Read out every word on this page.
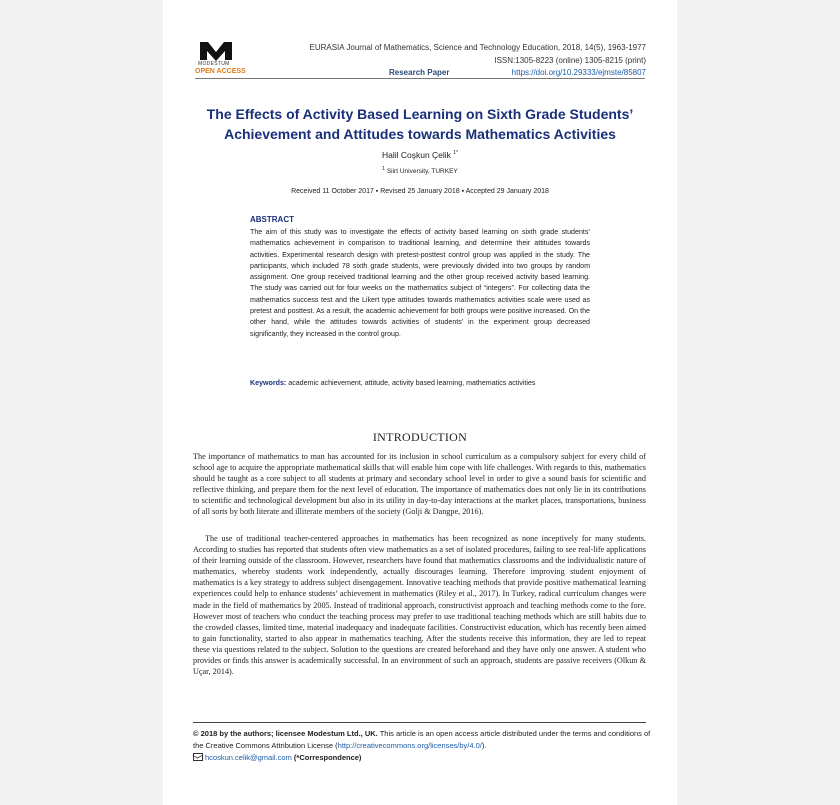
MODESTUM
OPEN ACCESS
EURASIA Journal of Mathematics, Science and Technology Education, 2018, 14(5), 1963-1977
ISSN:1305-8223 (online) 1305-8215 (print)
Research Paper	https://doi.org/10.29333/ejmste/85807
The Effects of Activity Based Learning on Sixth Grade Students’
Achievement and Attitudes towards Mathematics Activities
Halil Coşkun Çelik $^{1*}$
$^1$ Siirt University, TURKEY
Received 11 October 2017 ▪ Revised 25 January 2018 ▪ Accepted 29 January 2018
ABSTRACT
The aim of this study was to investigate the effects of activity based learning on sixth grade students’ mathematics achievement in comparison to traditional learning, and determine their attitudes towards activities. Experimental research design with pretest-posttest control group was applied in the study. The participants, which included 78 sixth grade students, were previously divided into two groups by random assignment. One group received traditional learning and the other group received activity based learning. The study was carried out for four weeks on the mathematics subject of “integers”. For collecting data the mathematics success test and the Likert type attitudes towards mathematics activities scale were used as pretest and posttest. As a result, the academic achievement for both groups were positive increased. On the other hand, while the attitudes towards activities of students’ in the experiment group decreased significantly, they increased in the control group.
Keywords: academic achievement, attitude, activity based learning, mathematics activities
INTRODUCTION
The importance of mathematics to man has accounted for its inclusion in school curriculum as a compulsory subject for every child of school age to acquire the appropriate mathematical skills that will enable him cope with life challenges. With regards to this, mathematics should be taught as a core subject to all students at primary and secondary school level in order to give a sound basis for scientific and reflective thinking, and prepare them for the next level of education. The importance of mathematics does not only lie in its contributions to scientific and technological development but also in its utility in day-to-day interactions at the market places, transportations, business of all sorts by both literate and illiterate members of the society (Golji & Dangpe, 2016).
The use of traditional teacher-centered approaches in mathematics has been recognized as none inceptively for many students. According to studies has reported that students often view mathematics as a set of isolated procedures, failing to see real-life applications of their learning outside of the classroom. However, researchers have found that mathematics classrooms and the individualistic nature of mathematics, whereby students work independently, actually discourages learning. Therefore improving student enjoyment of mathematics is a key strategy to address subject disengagement. Innovative teaching methods that provide positive mathematical learning experiences could help to enhance students’ achievement in mathematics (Riley et al., 2017). In Turkey, radical curriculum changes were made in the field of mathematics by 2005. Instead of traditional approach, constructivist approach and teaching methods come to the fore. However most of teachers who conduct the teaching process may prefer to use traditional teaching methods which are still habits due to the crowded classes, limited time, material inadequacy and inadequate facilities. Constructivist education, which has recently been aimed to gain functionality, started to also appear in mathematics teaching. After the students receive this information, they are led to repeat these via questions related to the subject. Solution to the questions are created beforehand and they have only one answer. A student who provides or finds this answer is academically successful. In an environment of such an approach, students are passive receivers (Olkun & Uçar, 2014).
© 2018 by the authors; licensee Modestum Ltd., UK. This article is an open access article distributed under the terms and conditions of the Creative Commons Attribution License (http://creativecommons.org/licenses/by/4.0/).
hcoskun.celik@gmail.com (*Correspondence)
